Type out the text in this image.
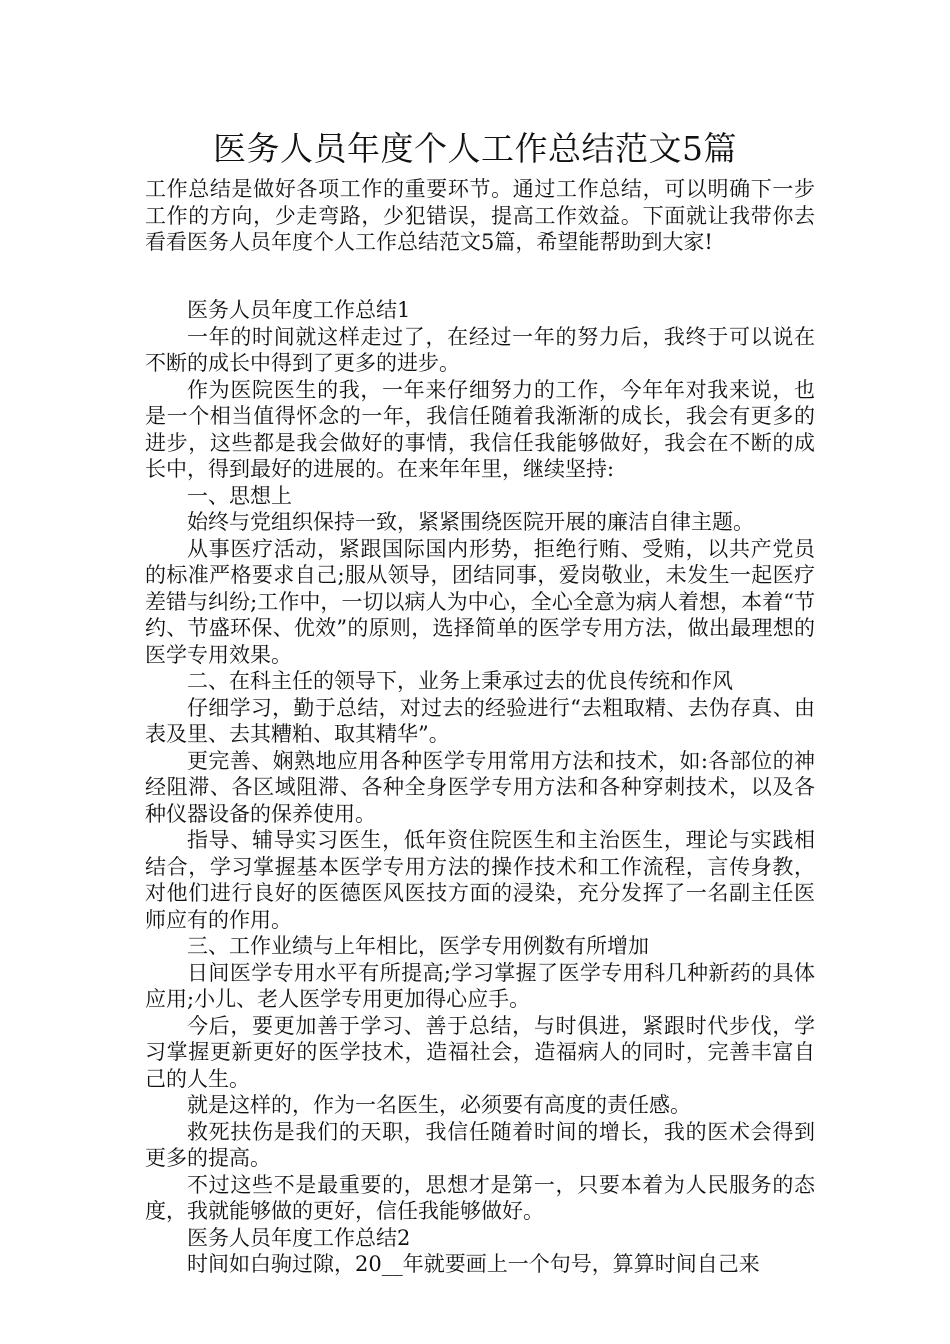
医务人员年度个人工作总结范文5篇

工作总结是做好各项工作的重要环节。通过工作总结，可以明确下一步工作的方向，少走弯路，少犯错误，提高工作效益。下面就让我带你去看看医务人员年度个人工作总结范文5篇，希望能帮助到大家!

医务人员年度工作总结1

一年的时间就这样走过了，在经过一年的努力后，我终于可以说在不断的成长中得到了更多的进步。

作为医院医生的我，一年来仔细努力的工作，今年年对我来说，也是一个相当值得怀念的一年，我信任随着我渐渐的成长，我会有更多的进步，这些都是我会做好的事情，我信任我能够做好，我会在不断的成长中，得到最好的进展的。在来年年里，继续坚持:

一、思想上

始终与党组织保持一致，紧紧围绕医院开展的廉洁自律主题。

从事医疗活动，紧跟国际国内形势，拒绝行贿、受贿，以共产党员的标准严格要求自己;服从领导，团结同事，爱岗敬业，未发生一起医疗差错与纠纷;工作中，一切以病人为中心，全心全意为病人着想，本着“节约、节盛环保、优效”的原则，选择简单的医学专用方法，做出最理想的医学专用效果。

二、在科主任的领导下，业务上秉承过去的优良传统和作风

仔细学习，勤于总结，对过去的经验进行“去粗取精、去伪存真、由表及里、去其糟粕、取其精华”。

更完善、娴熟地应用各种医学专用常用方法和技术，如:各部位的神经阻滞、各区域阻滞、各种全身医学专用方法和各种穿刺技术，以及各种仪器设备的保养使用。

指导、辅导实习医生，低年资住院医生和主治医生，理论与实践相结合，学习掌握基本医学专用方法的操作技术和工作流程，言传身教，对他们进行良好的医德医风医技方面的浸染，充分发挥了一名副主任医师应有的作用。

三、工作业绩与上年相比，医学专用例数有所增加

日间医学专用水平有所提高;学习掌握了医学专用科几种新药的具体应用;小儿、老人医学专用更加得心应手。

今后，要更加善于学习、善于总结，与时俱进，紧跟时代步伐，学习掌握更新更好的医学技术，造福社会，造福病人的同时，完善丰富自己的人生。

就是这样的，作为一名医生，必须要有高度的责任感。

救死扶伤是我们的天职，我信任随着时间的增长，我的医术会得到更多的提高。

不过这些不是最重要的，思想才是第一，只要本着为人民服务的态度，我就能够做的更好，信任我能够做好。

医务人员年度工作总结2

时间如白驹过隙，20__年就要画上一个句号，算算时间自己来
